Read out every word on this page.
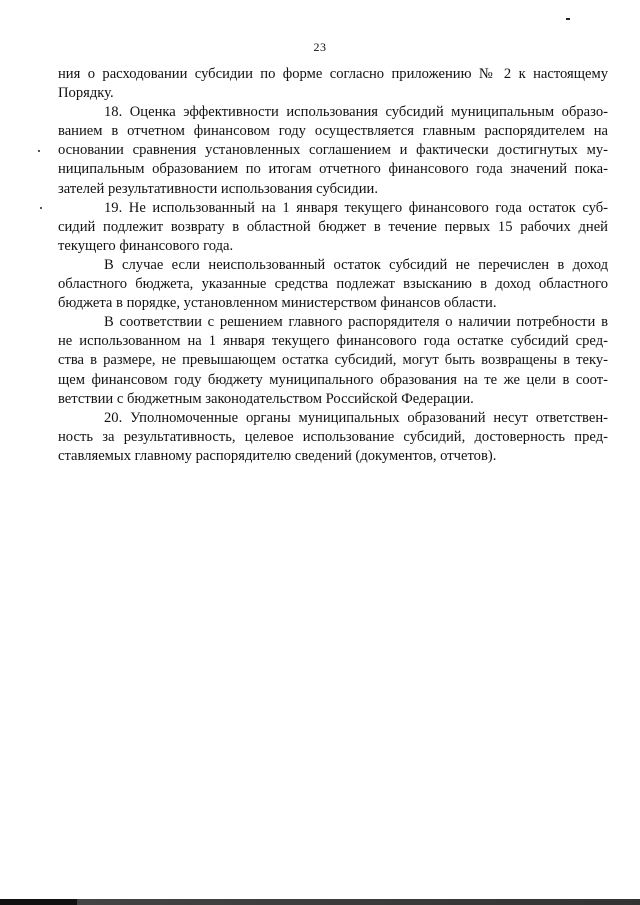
23
ния о расходовании субсидии по форме согласно приложению № 2 к настоящему
Порядку.
18. Оценка эффективности использования субсидий муниципальным образо-
ванием в отчетном финансовом году осуществляется главным распорядителем на
основании сравнения установленных соглашением и фактически достигнутых му-
ниципальным образованием по итогам отчетного финансового года значений пока-
зателей результативности использования субсидии.
19. Не использованный на 1 января текущего финансового года остаток суб-
сидий подлежит возврату в областной бюджет в течение первых 15 рабочих дней
текущего финансового года.
В случае если неиспользованный остаток субсидий не перечислен в доход
областного бюджета, указанные средства подлежат взысканию в доход областного
бюджета в порядке, установленном министерством финансов области.
В соответствии с решением главного распорядителя о наличии потребности в
не использованном на 1 января текущего финансового года остатке субсидий сред-
ства в размере, не превышающем остатка субсидий, могут быть возвращены в теку-
щем финансовом году бюджету муниципального образования на те же цели в соот-
ветствии с бюджетным законодательством Российской Федерации.
20. Уполномоченные органы муниципальных образований несут ответствен-
ность за результативность, целевое использование субсидий, достоверность пред-
ставляемых главному распорядителю сведений (документов, отчетов).
